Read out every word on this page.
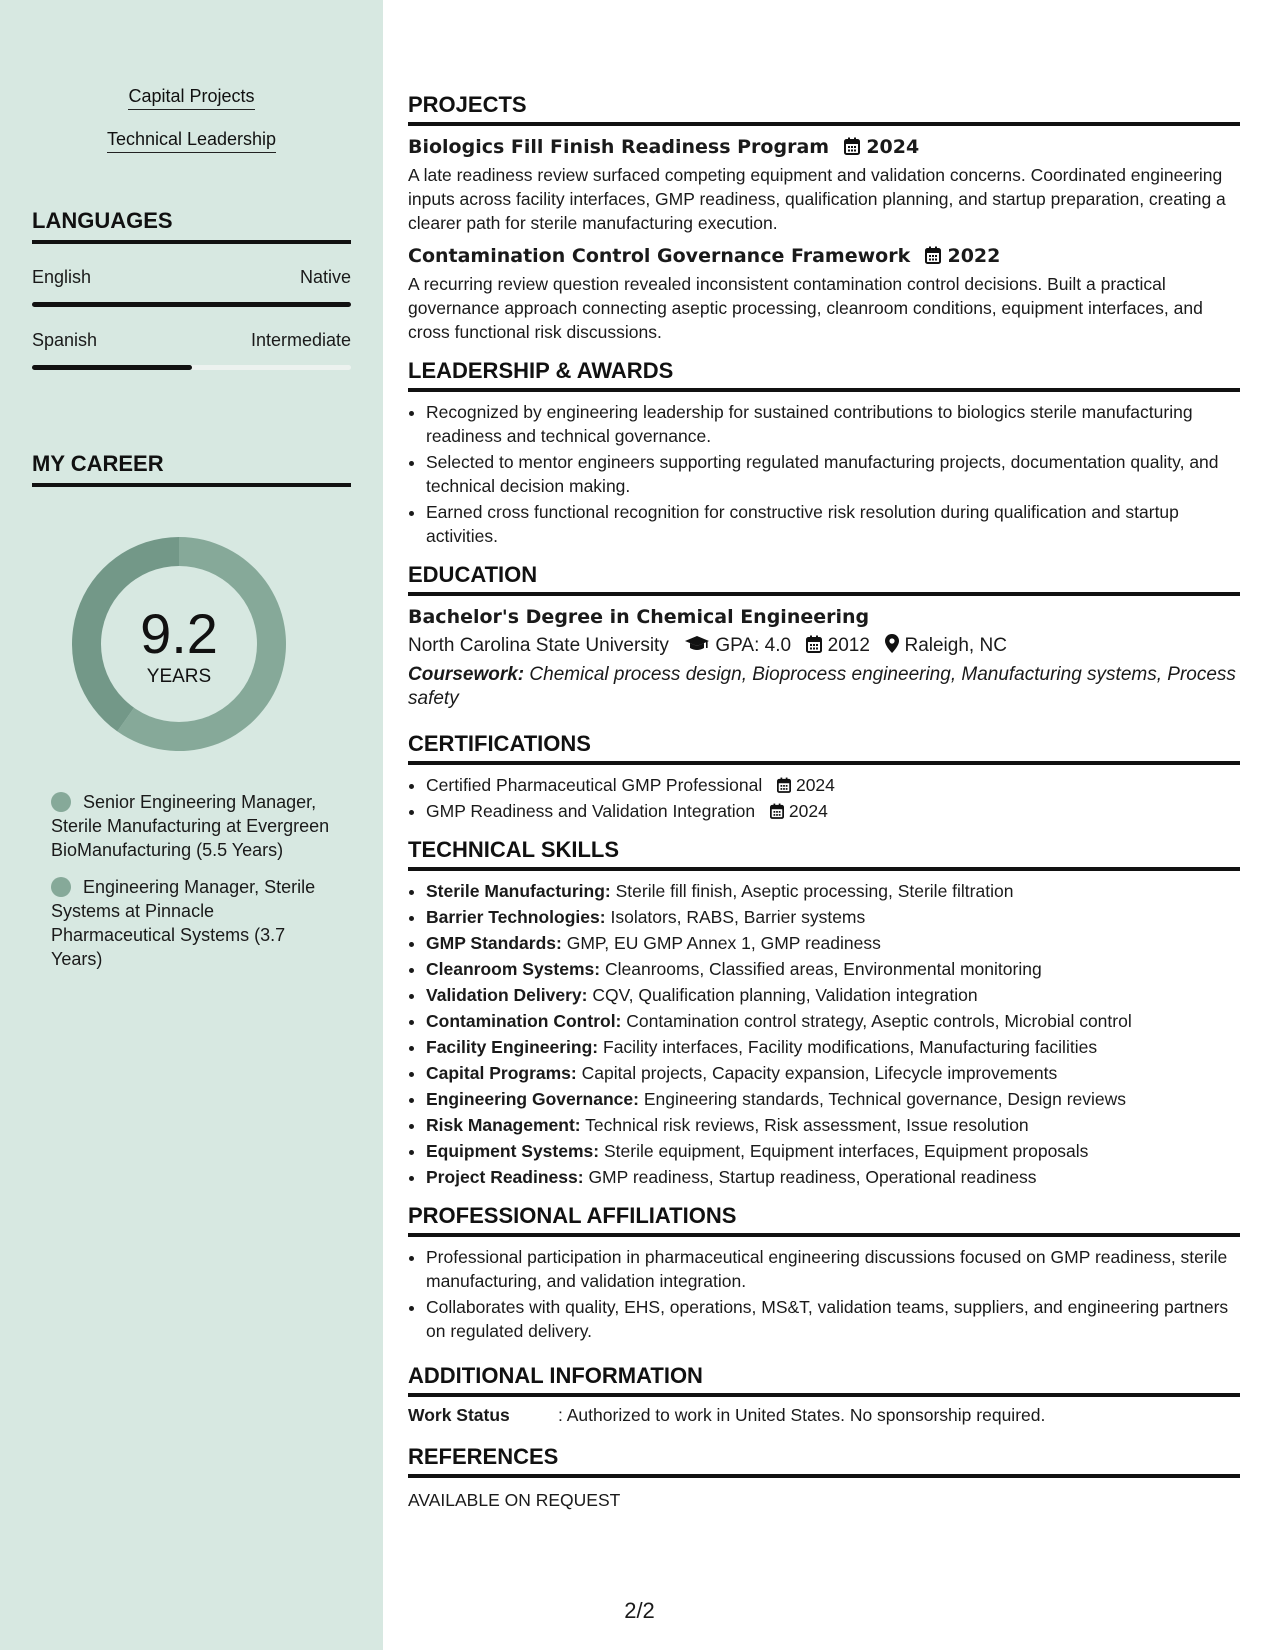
Capital Projects
Technical Leadership
LANGUAGES
English	Native
Spanish	Intermediate
MY CAREER
9.2
YEARS
Senior Engineering Manager, Sterile Manufacturing at Evergreen BioManufacturing (5.5 Years)
Engineering Manager, Sterile Systems at Pinnacle Pharmaceutical Systems (3.7 Years)
PROJECTS
Biologics Fill Finish Readiness Program 2024
A late readiness review surfaced competing equipment and validation concerns. Coordinated engineering inputs across facility interfaces, GMP readiness, qualification planning, and startup preparation, creating a clearer path for sterile manufacturing execution.
Contamination Control Governance Framework 2022
A recurring review question revealed inconsistent contamination control decisions. Built a practical governance approach connecting aseptic processing, cleanroom conditions, equipment interfaces, and cross functional risk discussions.
LEADERSHIP & AWARDS
• Recognized by engineering leadership for sustained contributions to biologics sterile manufacturing readiness and technical governance.
• Selected to mentor engineers supporting regulated manufacturing projects, documentation quality, and technical decision making.
• Earned cross functional recognition for constructive risk resolution during qualification and startup activities.
EDUCATION
Bachelor's Degree in Chemical Engineering
North Carolina State University GPA: 4.0 2012 Raleigh, NC
Coursework: Chemical process design, Bioprocess engineering, Manufacturing systems, Process safety
CERTIFICATIONS
• Certified Pharmaceutical GMP Professional 2024
• GMP Readiness and Validation Integration 2024
TECHNICAL SKILLS
• Sterile Manufacturing: Sterile fill finish, Aseptic processing, Sterile filtration
• Barrier Technologies: Isolators, RABS, Barrier systems
• GMP Standards: GMP, EU GMP Annex 1, GMP readiness
• Cleanroom Systems: Cleanrooms, Classified areas, Environmental monitoring
• Validation Delivery: CQV, Qualification planning, Validation integration
• Contamination Control: Contamination control strategy, Aseptic controls, Microbial control
• Facility Engineering: Facility interfaces, Facility modifications, Manufacturing facilities
• Capital Programs: Capital projects, Capacity expansion, Lifecycle improvements
• Engineering Governance: Engineering standards, Technical governance, Design reviews
• Risk Management: Technical risk reviews, Risk assessment, Issue resolution
• Equipment Systems: Sterile equipment, Equipment interfaces, Equipment proposals
• Project Readiness: GMP readiness, Startup readiness, Operational readiness
PROFESSIONAL AFFILIATIONS
• Professional participation in pharmaceutical engineering discussions focused on GMP readiness, sterile manufacturing, and validation integration.
• Collaborates with quality, EHS, operations, MS&T, validation teams, suppliers, and engineering partners on regulated delivery.
ADDITIONAL INFORMATION
Work Status	: Authorized to work in United States. No sponsorship required.
REFERENCES
AVAILABLE ON REQUEST
2/2
